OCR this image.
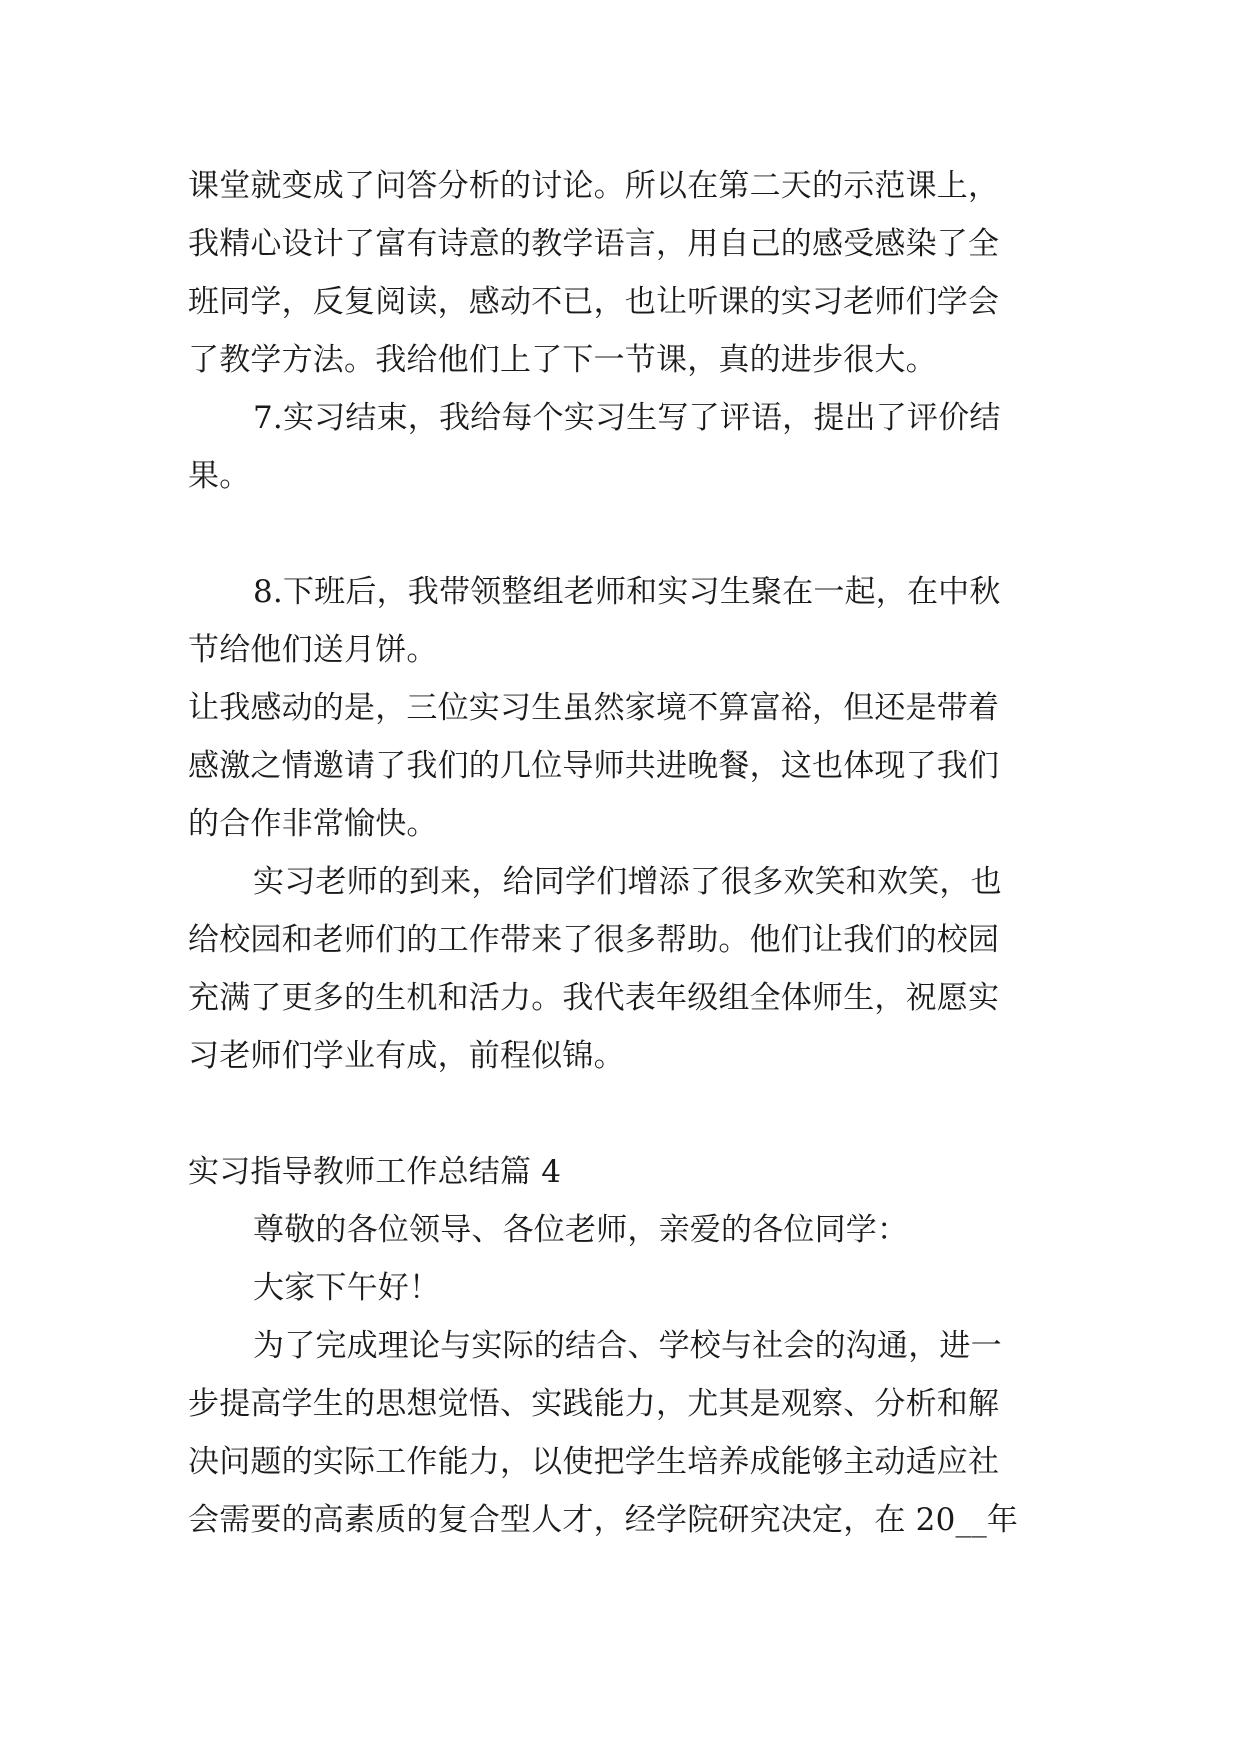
课堂就变成了问答分析的讨论。所以在第二天的示范课上，
我精心设计了富有诗意的教学语言，用自己的感受感染了全
班同学，反复阅读，感动不已，也让听课的实习老师们学会
了教学方法。我给他们上了下一节课，真的进步很大。
7.实习结束，我给每个实习生写了评语，提出了评价结
果。
8.下班后，我带领整组老师和实习生聚在一起，在中秋
节给他们送月饼。
让我感动的是，三位实习生虽然家境不算富裕，但还是带着
感激之情邀请了我们的几位导师共进晚餐，这也体现了我们
的合作非常愉快。
实习老师的到来，给同学们增添了很多欢笑和欢笑，也
给校园和老师们的工作带来了很多帮助。他们让我们的校园
充满了更多的生机和活力。我代表年级组全体师生，祝愿实
习老师们学业有成，前程似锦。
实习指导教师工作总结篇 4
尊敬的各位领导、各位老师，亲爱的各位同学：
大家下午好！
为了完成理论与实际的结合、学校与社会的沟通，进一
步提高学生的思想觉悟、实践能力，尤其是观察、分析和解
决问题的实际工作能力，以使把学生培养成能够主动适应社
会需要的高素质的复合型人才，经学院研究决定，在 20__年
